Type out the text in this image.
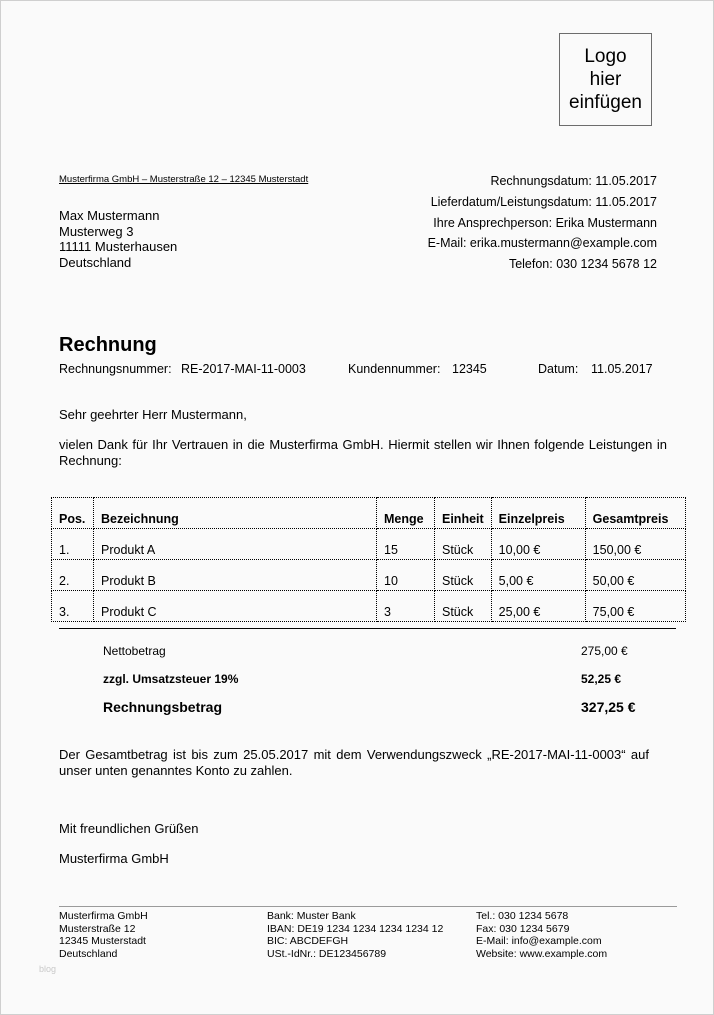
Logo
hier
einfügen
Musterfirma GmbH – Musterstraße 12 – 12345 Musterstadt
Max Mustermann
Musterweg 3
11111 Musterhausen
Deutschland
Rechnungsdatum: 11.05.2017
Lieferdatum/Leistungsdatum: 11.05.2017
Ihre Ansprechperson: Erika Mustermann
E-Mail: erika.mustermann@example.com
Telefon: 030 1234 5678 12
Rechnung
Rechnungsnummer: RE-2017-MAI-11-0003	Kundennummer: 12345	Datum: 11.05.2017
Sehr geehrter Herr Mustermann,
vielen Dank für Ihr Vertrauen in die Musterfirma GmbH. Hiermit stellen wir Ihnen folgende Leistungen in Rechnung:
Pos.	Bezeichnung	Menge	Einheit	Einzelpreis	Gesamtpreis
1.	Produkt A	15	Stück	10,00 €	150,00 €
2.	Produkt B	10	Stück	5,00 €	50,00 €
3.	Produkt C	3	Stück	25,00 €	75,00 €
Nettobetrag	275,00 €
zzgl. Umsatzsteuer 19%	52,25 €
Rechnungsbetrag	327,25 €
Der Gesamtbetrag ist bis zum 25.05.2017 mit dem Verwendungszweck „RE-2017-MAI-11-0003“ auf unser unten genanntes Konto zu zahlen.
Mit freundlichen Grüßen
Musterfirma GmbH
Musterfirma GmbH
Musterstraße 12
12345 Musterstadt
Deutschland
Bank: Muster Bank
IBAN: DE19 1234 1234 1234 1234 12
BIC: ABCDEFGH
USt.-IdNr.: DE123456789
Tel.: 030 1234 5678
Fax: 030 1234 5679
E-Mail: info@example.com
Website: www.example.com
blog
